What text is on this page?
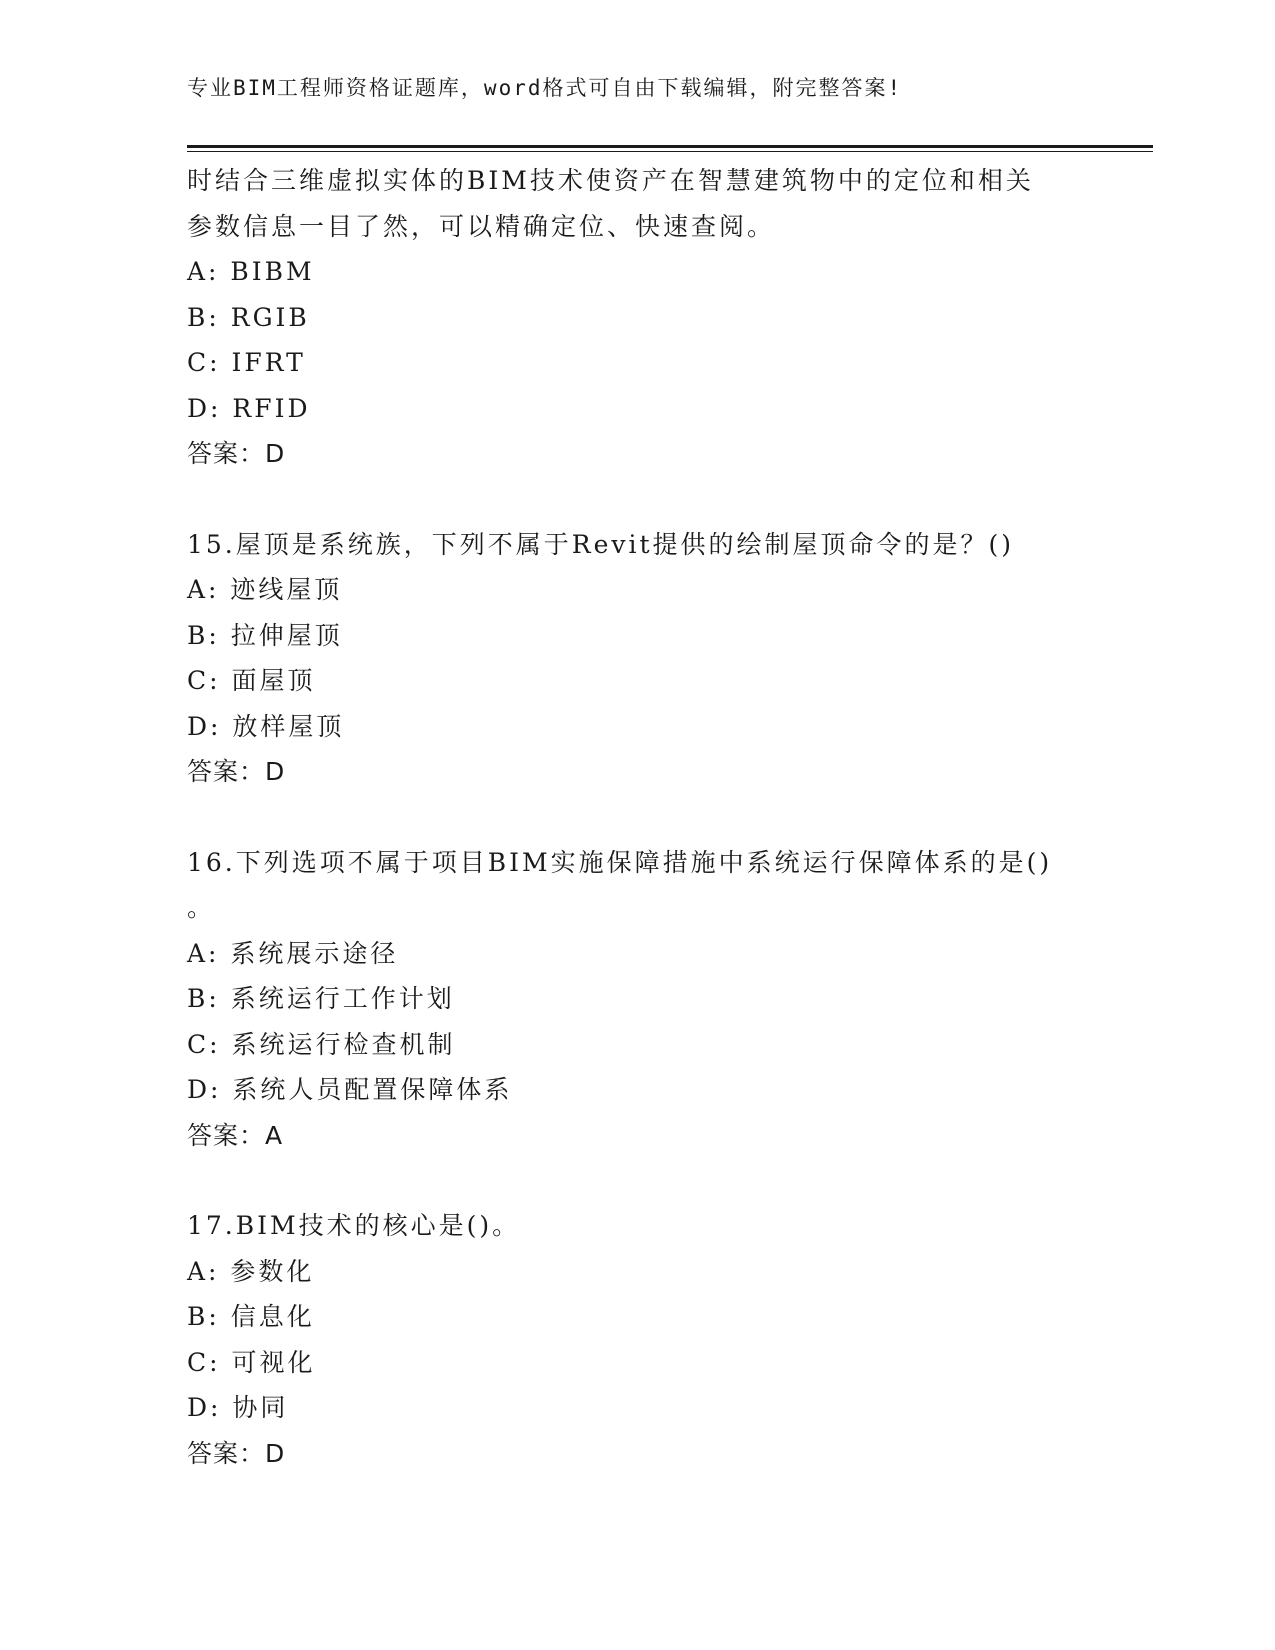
专业BIM工程师资格证题库，word格式可自由下载编辑，附完整答案!
时结合三维虚拟实体的BIM技术使资产在智慧建筑物中的定位和相关
参数信息一目了然，可以精确定位、快速查阅。
A: BIBM
B: RGIB
C: IFRT
D: RFID
答案：D
15.屋顶是系统族，下列不属于Revit提供的绘制屋顶命令的是？()
A: 迹线屋顶
B: 拉伸屋顶
C: 面屋顶
D: 放样屋顶
答案：D
16.下列选项不属于项目BIM实施保障措施中系统运行保障体系的是()
。
A: 系统展示途径
B: 系统运行工作计划
C: 系统运行检查机制
D: 系统人员配置保障体系
答案：A
17.BIM技术的核心是()。
A: 参数化
B: 信息化
C: 可视化
D: 协同
答案：D
